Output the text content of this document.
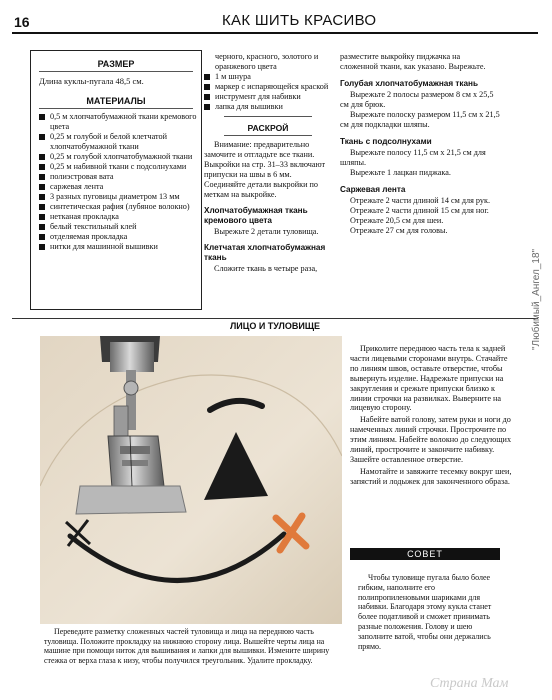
16	КАК ШИТЬ КРАСИВО
РАЗМЕР
Длина куклы-пугала 48,5 см.
МАТЕРИАЛЫ
0,5 м хлопчатобумажной ткани кремового цвета
0,25 м голубой и белой клетчатой хлопчатобумажной ткани
0,25 м голубой хлопчатобумажной ткани
0,25 м набивной ткани с подсолнухами
полиэстровая вата
саржевая лента
3 разных пуговицы диаметром 13 мм
синтетическая рафия (лубяное волокно)
нетканая прокладка
белый текстильный клей
отделяемая прокладка
нитки для машинной вышивки
черного, красного, золотого и оранжевого цвета
1 м шнура
маркер с испаряющейся краской
инструмент для набивки
лапка для вышивки
РАСКРОЙ

Внимание: предварительно замочите и отгладьте все ткани. Выкройки на стр. 31–33 включают припуски на швы в 6 мм. Соединяйте детали выкройки по меткам на выкройке.

Хлопчатобумажная ткань кремового цвета

Вырежьте 2 детали туловища.

Клетчатая хлопчатобумажная ткань

Сложите ткань в четыре раза,

разместите выкройку пиджачка на сложенной ткани, как указано. Вырежьте.

Голубая хлопчатобумажная ткань

Вырежьте 2 полосы размером 8 см х 25,5 см для брюк.

Вырежьте полоску размером 11,5 см х 21,5 см для подкладки шляпы.

Ткань с подсолнухами

Вырежьте полосу 11,5 см х 21,5 см для шляпы.

Вырежьте 1 лацкан пиджака.

Саржевая лента

Отрежьте 2 части длиной 14 см для рук.

Отрежьте 2 части длиной 15 см для ног.

Отрежьте 20,5 см для шеи.

Отрежьте 27 см для головы.

ЛИЦО И ТУЛОВИЩЕ
Переведите разметку сложенных частей туловища и лица на переднюю часть туловища. Положите прокладку на нижнюю сторону лица. Вышейте черты лица на машине при помощи ниток для вышивания и лапки для вышивки. Измените ширину стежка от верха глаза к низу, чтобы получился треугольник. Удалите прокладку.

Приколите переднюю часть тела к задней части лицевыми сторонами внутрь. Стачайте по линиям швов, оставьте отверстие, чтобы вывернуть изделие. Надрежьте припуски на закругления и срежьте припуски близко к линии строчки на развилках. Выверните на лицевую сторону.

Набейте ватой голову, затем руки и ноги до намеченных линий строчки. Прострочите по этим линиям. Набейте волокно до следующих линий, прострочите и закончите набивку. Зашейте оставленное отверстие.

Намотайте и завяжите тесемку вокруг шеи, запястий и лодыжек для законченного образа.

СОВЕТ

Чтобы туловище пугала было более гибким, наполните его полипропиленовыми шариками для набивки. Благодаря этому кукла станет более податливой и сможет принимать разные положения. Голову и шею заполните ватой, чтобы они держались прямо.

"Любимый_Ангел_18"
Страна Мам
